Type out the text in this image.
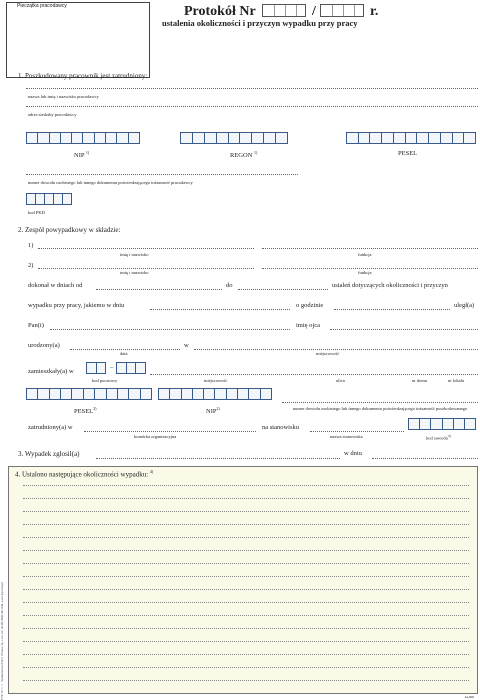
Pieczątka pracodawcy	Protokół Nr	/	r.
ustalenia okoliczności i przyczyn wypadku przy pracy
1. Poszkodowany pracownik jest zatrudniony:
nazwa lub imię i nazwisko pracodawcy
adres siedziby pracodawcy
NIP $^{1)}$	REGON $^{1)}$	PESEL
numer dowodu osobistego lub innego dokumentu potwierdzającego tożsamość pracodawcy
kod PKD
2. Zespół powypadkowy w składzie:
1)
imię i nazwisko	funkcja
2)
imię i nazwisko	funkcja
dokonał w dniach od	do	ustaleń dotyczących okoliczności i przyczyn
wypadku przy pracy, jakiemu w dniu	o godzinie	uległ(a)
Pan(i)	imię ojca
urodzony(a)	w
data	miejscowość
zamieszkały(a) w
–
kod pocztowy	miejscowość	ulica	nr domu	nr lokalu
PESEL$^{2)}$	NIP$^{2)}$	numer dowodu osobistego lub innego dokumentu potwierdzającego tożsamość poszkodowanego
zatrudniony(a) w
komórka organizacyjna
na stanowisku
nazwa stanowiska	kod zawodu$^{3)}$
3. Wypadek zgłosił(a)	w dniu
4. Ustalono następujące okoliczności wypadku: $^{4)}$
TYP: 87-1 © Wydawnictwo Pracy i Prawa, Sp. z o.o. tel. (0-48) 4566-301-046, www.typ.com.pl	1a-600
